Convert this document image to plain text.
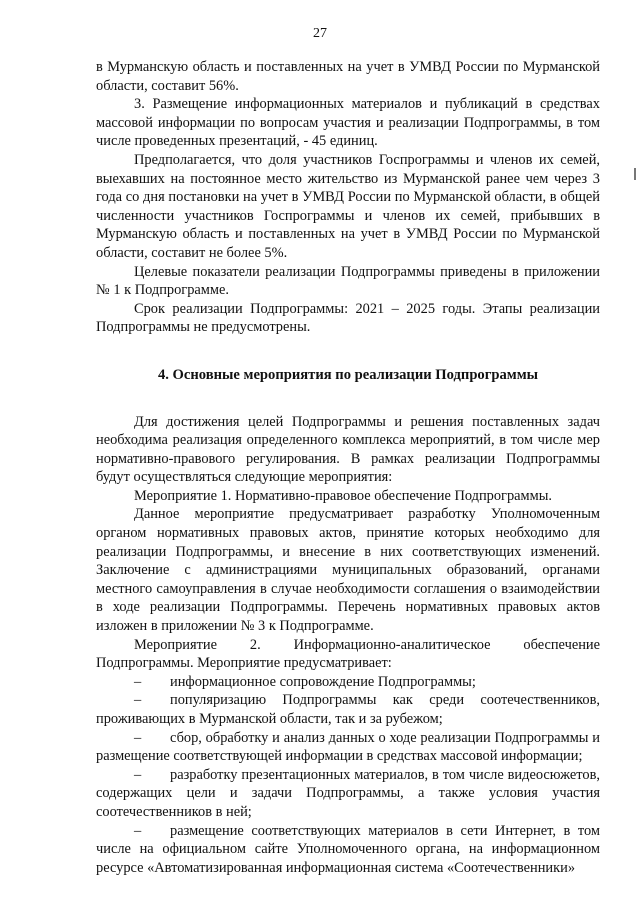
27

в Мурманскую область и поставленных на учет в УМВД России по Мурманской области, составит 56%.

3. Размещение информационных материалов и публикаций в средствах массовой информации по вопросам участия и реализации Подпрограммы, в том числе проведенных презентаций, - 45 единиц.

Предполагается, что доля участников Госпрограммы и членов их семей, выехавших на постоянное место жительство из Мурманской ранее чем через 3 года со дня постановки на учет в УМВД России по Мурманской области, в общей численности участников Госпрограммы и членов их семей, прибывших в Мурманскую область и поставленных на учет в УМВД России по Мурманской области, составит не более 5%.

Целевые показатели реализации Подпрограммы приведены в приложении № 1 к Подпрограмме.

Срок реализации Подпрограммы: 2021 – 2025 годы. Этапы реализации Подпрограммы не предусмотрены.

4. Основные мероприятия по реализации Подпрограммы

Для достижения целей Подпрограммы и решения поставленных задач необходима реализация определенного комплекса мероприятий, в том числе мер нормативно-правового регулирования. В рамках реализации Подпрограммы будут осуществляться следующие мероприятия:

Мероприятие 1. Нормативно-правовое обеспечение Подпрограммы.

Данное мероприятие предусматривает разработку Уполномоченным органом нормативных правовых актов, принятие которых необходимо для реализации Подпрограммы, и внесение в них соответствующих изменений. Заключение с администрациями муниципальных образований, органами местного самоуправления в случае необходимости соглашения о взаимодействии в ходе реализации Подпрограммы. Перечень нормативных правовых актов изложен в приложении № 3 к Подпрограмме.

Мероприятие 2. Информационно-аналитическое обеспечение Подпрограммы. Мероприятие предусматривает:

– информационное сопровождение Подпрограммы;

– популяризацию Подпрограммы как среди соотечественников, проживающих в Мурманской области, так и за рубежом;

– сбор, обработку и анализ данных о ходе реализации Подпрограммы и размещение соответствующей информации в средствах массовой информации;

– разработку презентационных материалов, в том числе видеосюжетов, содержащих цели и задачи Подпрограммы, а также условия участия соотечественников в ней;

– размещение соответствующих материалов в сети Интернет, в том числе на официальном сайте Уполномоченного органа, на информационном ресурсе «Автоматизированная информационная система «Соотечественники»
